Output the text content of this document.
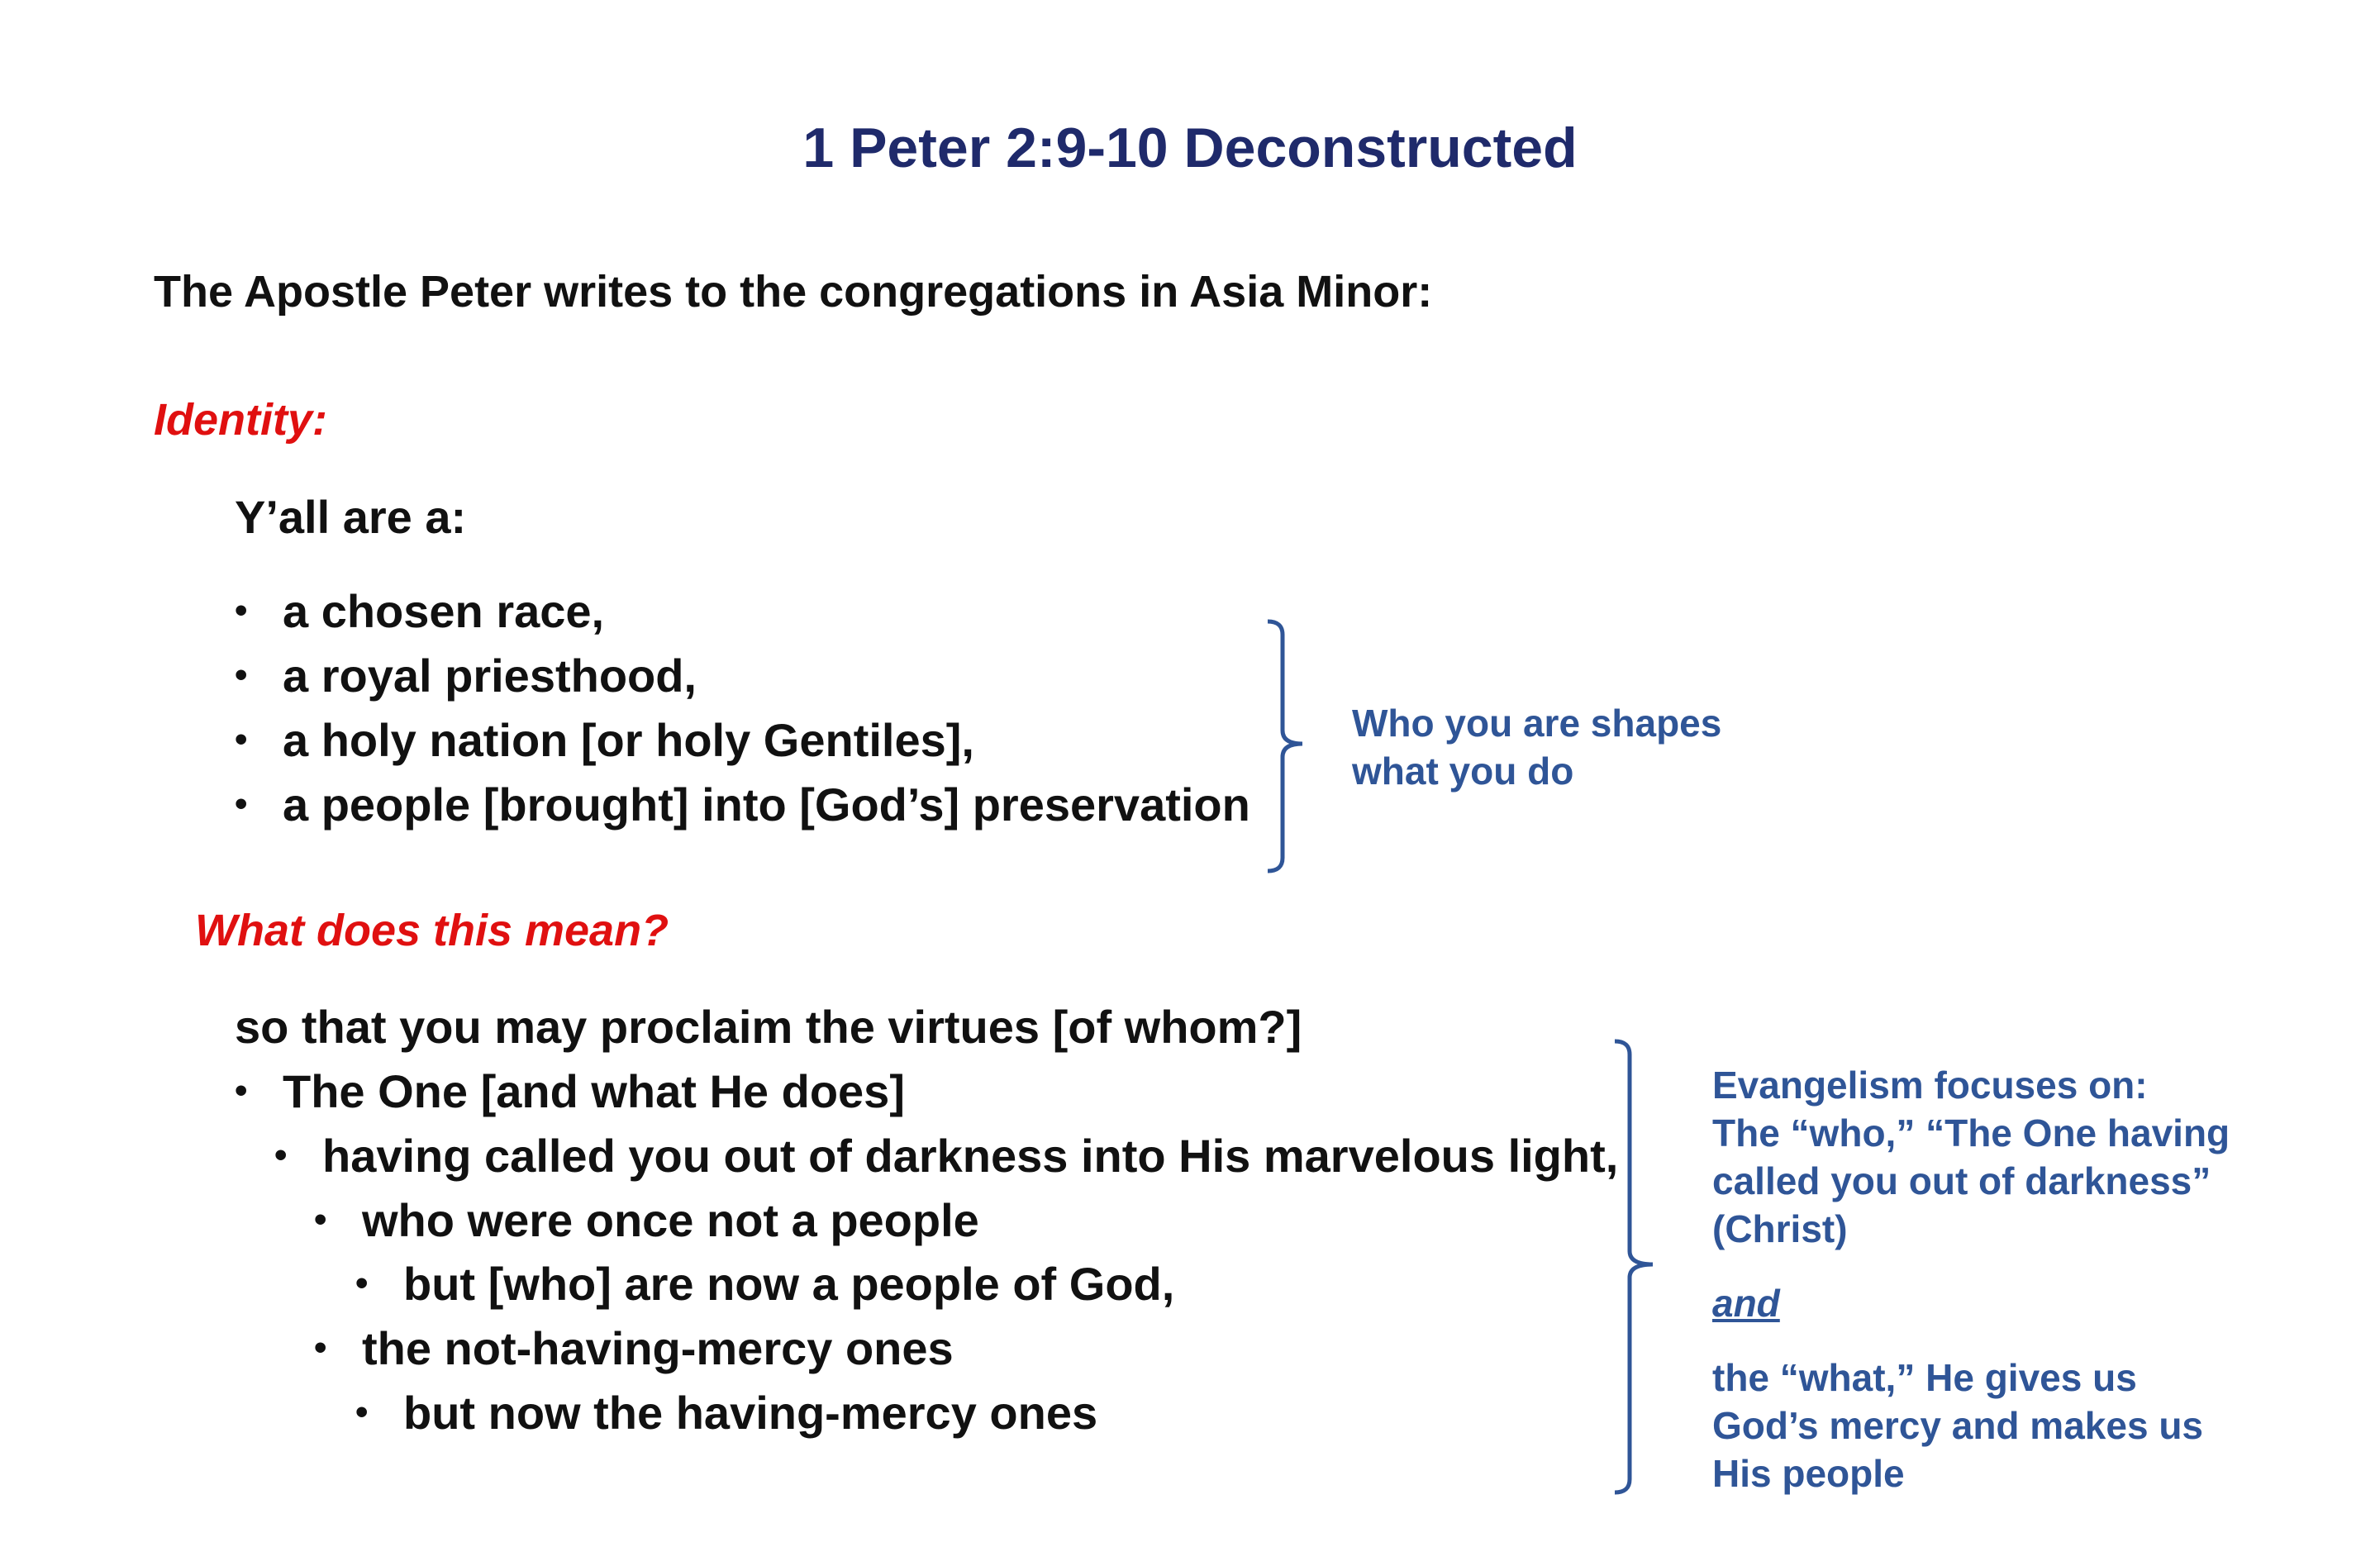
1 Peter 2:9-10 Deconstructed
The Apostle Peter writes to the congregations in Asia Minor:
Identity:
Y’all are a:
• a chosen race,
• a royal priesthood,
• a holy nation [or holy Gentiles],
• a people [brought] into [God’s] preservation
Who you are shapes
what you do
What does this mean?
so that you may proclaim the virtues [of whom?]
• The One [and what He does]
• having called you out of darkness into His marvelous light,
• who were once not a people
• but [who] are now a people of God,
• the not-having-mercy ones
• but now the having-mercy ones
Evangelism focuses on:
The “who,” “The One having
called you out of darkness”
(Christ)
and
the “what,” He gives us
God’s mercy and makes us
His people
